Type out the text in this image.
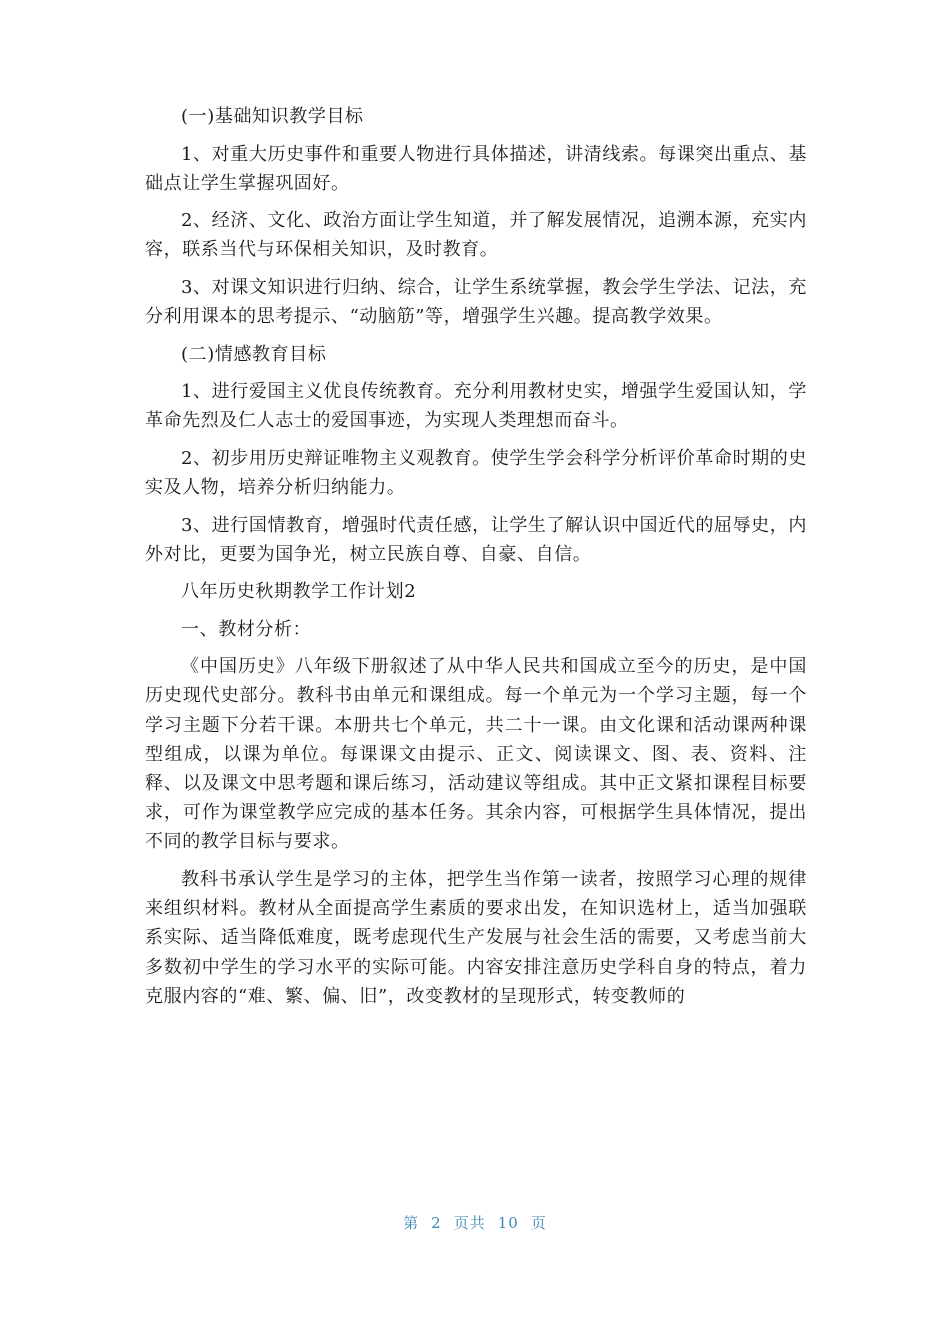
(一)基础知识教学目标

1、对重大历史事件和重要人物进行具体描述，讲清线索。每课突出重点、基础点让学生掌握巩固好。

2、经济、文化、政治方面让学生知道，并了解发展情况，追溯本源，充实内容，联系当代与环保相关知识，及时教育。

3、对课文知识进行归纳、综合，让学生系统掌握，教会学生学法、记法，充分利用课本的思考提示、“动脑筋”等，增强学生兴趣。提高教学效果。

(二)情感教育目标

1、进行爱国主义优良传统教育。充分利用教材史实，增强学生爱国认知，学革命先烈及仁人志士的爱国事迹，为实现人类理想而奋斗。

2、初步用历史辩证唯物主义观教育。使学生学会科学分析评价革命时期的史实及人物，培养分析归纳能力。

3、进行国情教育，增强时代责任感，让学生了解认识中国近代的屈辱史，内外对比，更要为国争光，树立民族自尊、自豪、自信。

八年历史秋期教学工作计划2

一、教材分析：

《中国历史》八年级下册叙述了从中华人民共和国成立至今的历史，是中国历史现代史部分。教科书由单元和课组成。每一个单元为一个学习主题，每一个学习主题下分若干课。本册共七个单元，共二十一课。由文化课和活动课两种课型组成，以课为单位。每课课文由提示、正文、阅读课文、图、表、资料、注释、以及课文中思考题和课后练习，活动建议等组成。其中正文紧扣课程目标要求，可作为课堂教学应完成的基本任务。其余内容，可根据学生具体情况，提出不同的教学目标与要求。

教科书承认学生是学习的主体，把学生当作第一读者，按照学习心理的规律来组织材料。教材从全面提高学生素质的要求出发，在知识选材上，适当加强联系实际、适当降低难度，既考虑现代生产发展与社会生活的需要，又考虑当前大多数初中学生的学习水平的实际可能。内容安排注意历史学科自身的特点，着力克服内容的“难、繁、偏、旧”，改变教材的呈现形式，转变教师的

第 2 页共 10 页
